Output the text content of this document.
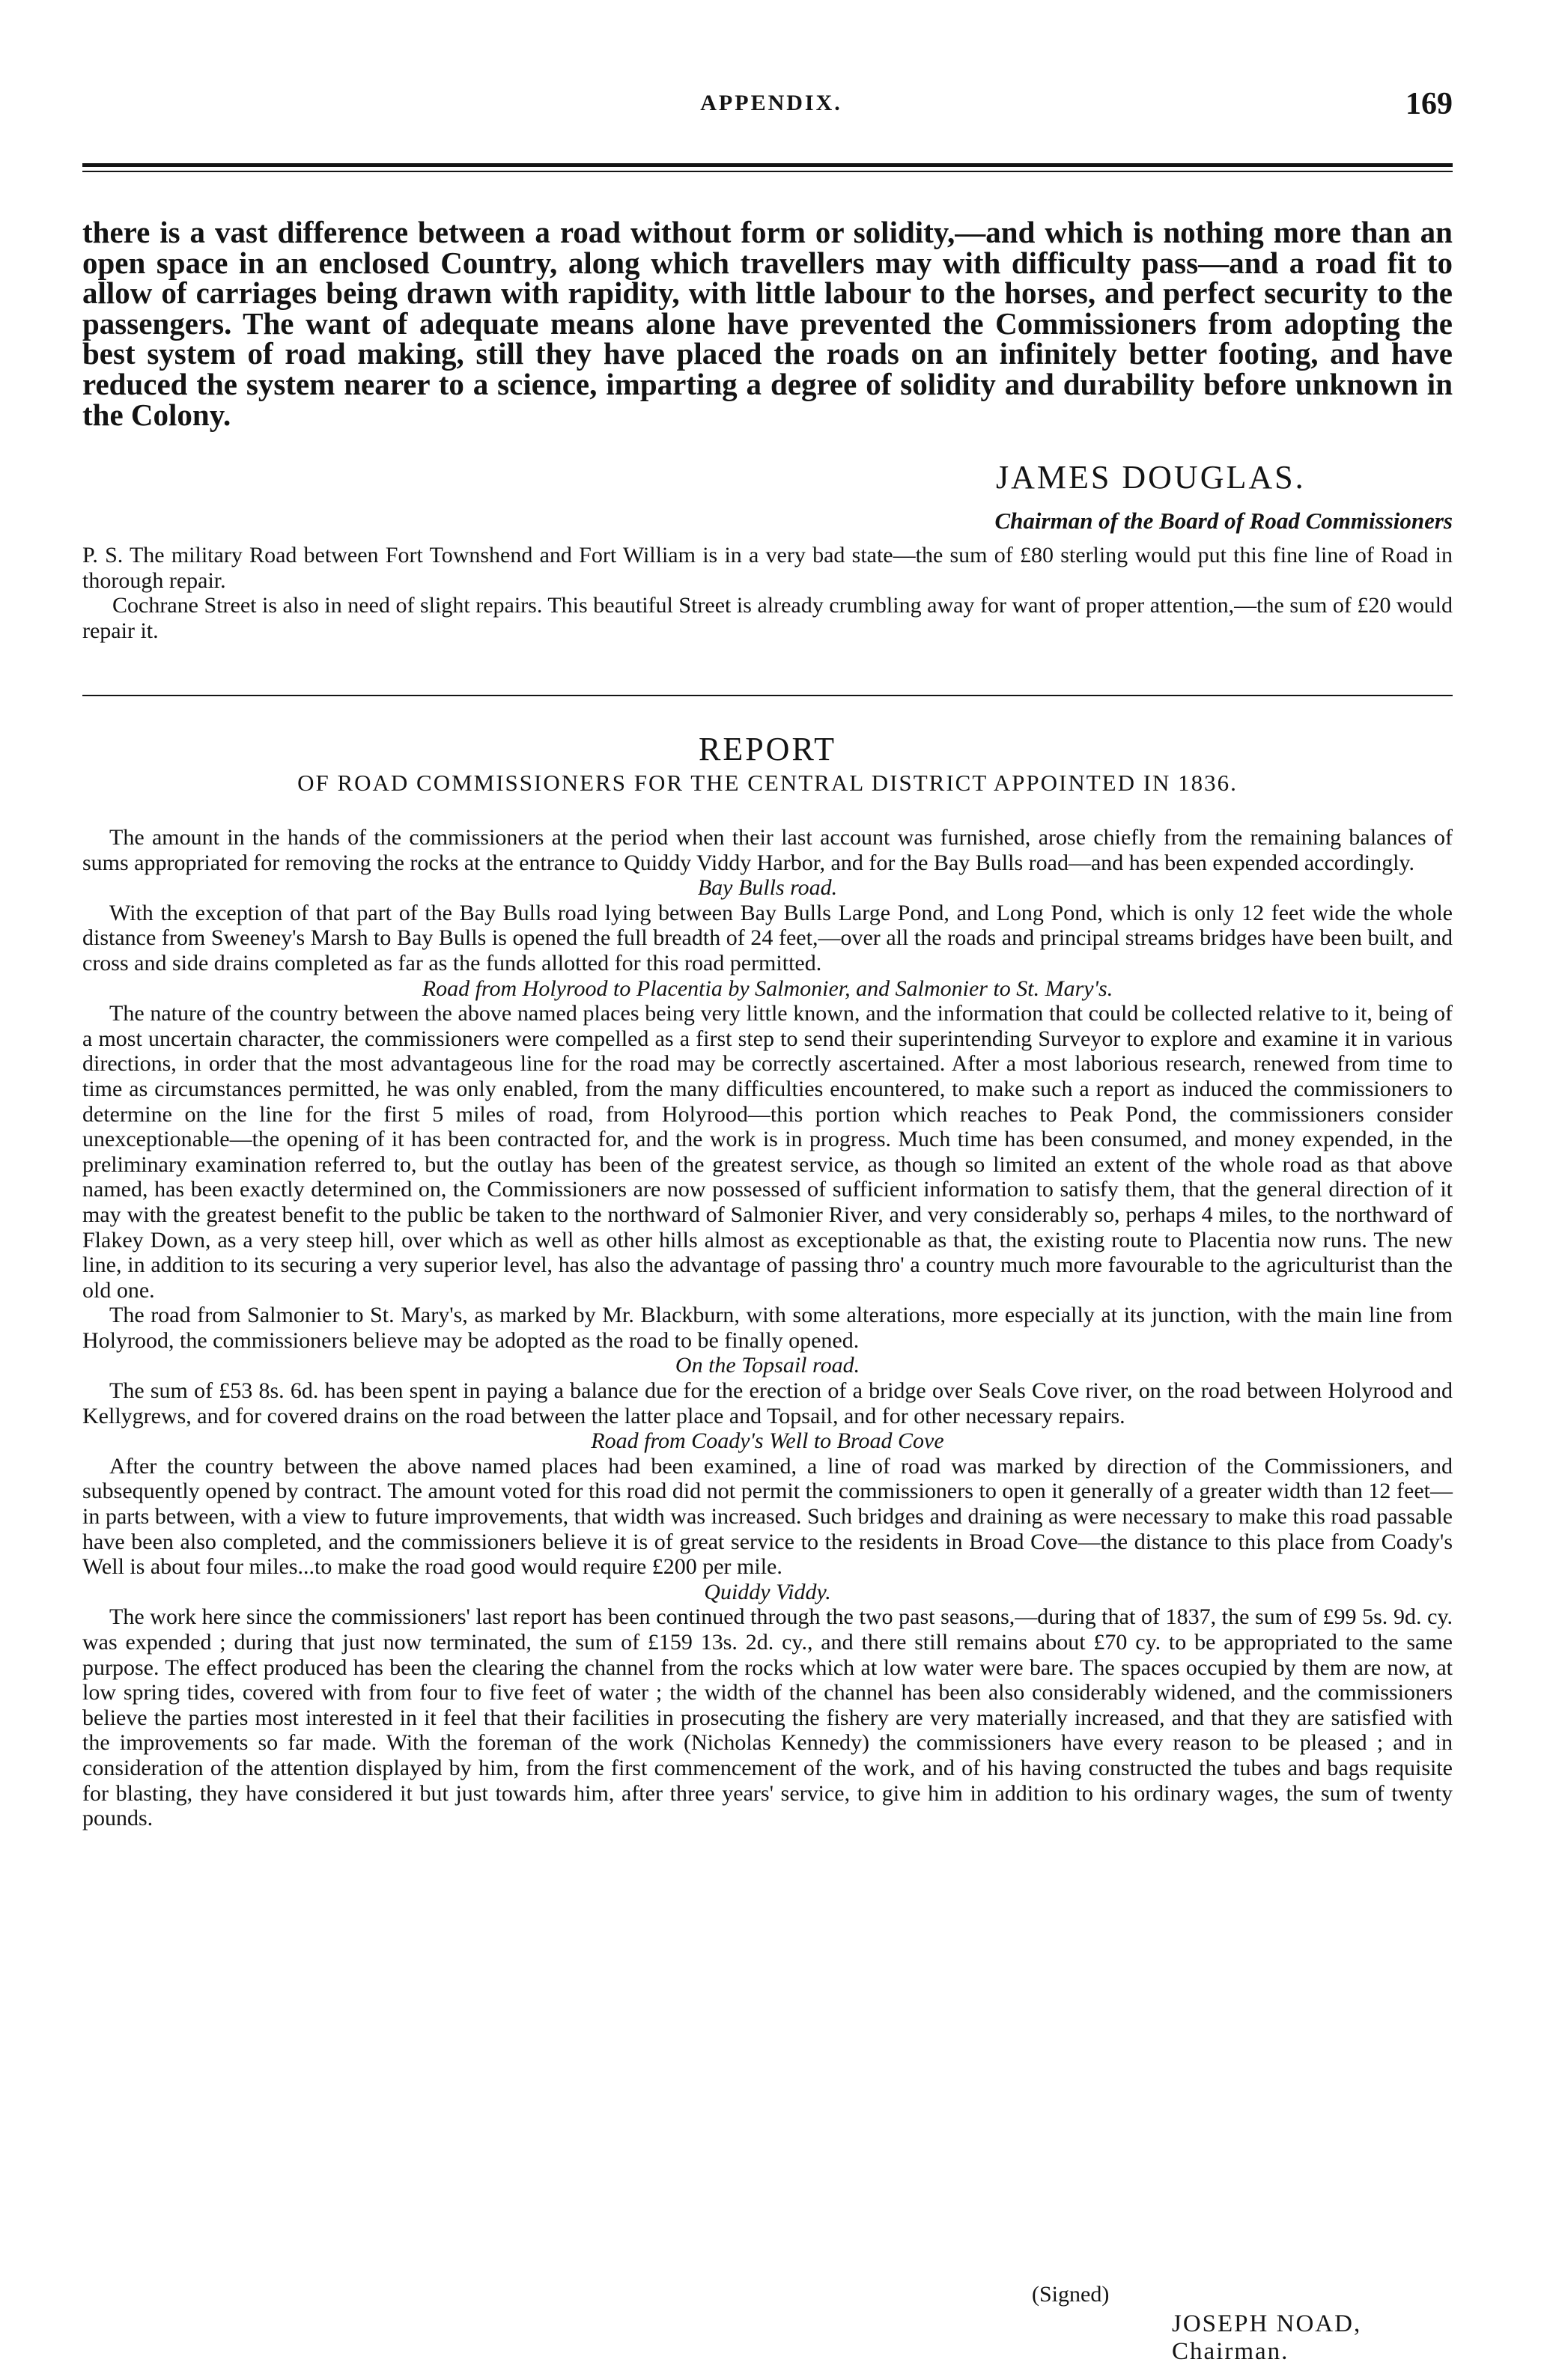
APPENDIX.	169

there is a vast difference between a road without form or solidity,—and which is nothing more than an open space in an enclosed Country, along which travellers may with difficulty pass—and a road fit to allow of carriages being drawn with rapidity, with little labour to the horses, and perfect security to the passengers. The want of adequate means alone have prevented the Commissioners from adopting the best system of road making, still they have placed the roads on an infinitely better footing, and have reduced the system nearer to a science, imparting a degree of solidity and durability before unknown in the Colony.

JAMES DOUGLAS.
Chairman of the Board of Road Commissioners

P. S. The military Road between Fort Townshend and Fort William is in a very bad state—the sum of £80 sterling would put this fine line of Road in thorough repair.

Cochrane Street is also in need of slight repairs. This beautiful Street is already crumbling away for want of proper attention,—the sum of £20 would repair it.

REPORT
OF ROAD COMMISSIONERS FOR THE CENTRAL DISTRICT APPOINTED IN 1836.

The amount in the hands of the commissioners at the period when their last account was furnished, arose chiefly from the remaining balances of sums appropriated for removing the rocks at the entrance to Quiddy Viddy Harbor, and for the Bay Bulls road—and has been expended accordingly.

Bay Bulls road.

With the exception of that part of the Bay Bulls road lying between Bay Bulls Large Pond, and Long Pond, which is only 12 feet wide the whole distance from Sweeney's Marsh to Bay Bulls is opened the full breadth of 24 feet,—over all the roads and principal streams bridges have been built, and cross and side drains completed as far as the funds allotted for this road permitted.

Road from Holyrood to Placentia by Salmonier, and Salmonier to St. Mary's.

The nature of the country between the above named places being very little known, and the information that could be collected relative to it, being of a most uncertain character, the commissioners were compelled as a first step to send their superintending Surveyor to explore and examine it in various directions, in order that the most advantageous line for the road may be correctly ascertained. After a most laborious research, renewed from time to time as circumstances permitted, he was only enabled, from the many difficulties encountered, to make such a report as induced the commissioners to determine on the line for the first 5 miles of road, from Holyrood—this portion which reaches to Peak Pond, the commissioners consider unexceptionable—the opening of it has been contracted for, and the work is in progress. Much time has been consumed, and money expended, in the preliminary examination referred to, but the outlay has been of the greatest service, as though so limited an extent of the whole road as that above named, has been exactly determined on, the Commissioners are now possessed of sufficient information to satisfy them, that the general direction of it may with the greatest benefit to the public be taken to the northward of Salmonier River, and very considerably so, perhaps 4 miles, to the northward of Flakey Down, as a very steep hill, over which as well as other hills almost as exceptionable as that, the existing route to Placentia now runs. The new line, in addition to its securing a very superior level, has also the advantage of passing thro' a country much more favourable to the agriculturist than the old one.

The road from Salmonier to St. Mary's, as marked by Mr. Blackburn, with some alterations, more especially at its junction, with the main line from Holyrood, the commissioners believe may be adopted as the road to be finally opened.

On the Topsail road.

The sum of £53 8s. 6d. has been spent in paying a balance due for the erection of a bridge over Seals Cove river, on the road between Holyrood and Kellygrews, and for covered drains on the road between the latter place and Topsail, and for other necessary repairs.

Road from Coady's Well to Broad Cove

After the country between the above named places had been examined, a line of road was marked by direction of the Commissioners, and subsequently opened by contract. The amount voted for this road did not permit the commissioners to open it generally of a greater width than 12 feet—in parts between, with a view to future improvements, that width was increased. Such bridges and draining as were necessary to make this road passable have been also completed, and the commissioners believe it is of great service to the residents in Broad Cove—the distance to this place from Coady's Well is about four miles...to make the road good would require £200 per mile.

Quiddy Viddy.

The work here since the commissioners' last report has been continued through the two past seasons,—during that of 1837, the sum of £99 5s. 9d. cy. was expended ; during that just now terminated, the sum of £159 13s. 2d. cy., and there still remains about £70 cy. to be appropriated to the same purpose. The effect produced has been the clearing the channel from the rocks which at low water were bare. The spaces occupied by them are now, at low spring tides, covered with from four to five feet of water ; the width of the channel has been also considerably widened, and the commissioners believe the parties most interested in it feel that their facilities in prosecuting the fishery are very materially increased, and that they are satisfied with the improvements so far made. With the foreman of the work (Nicholas Kennedy) the commissioners have every reason to be pleased ; and in consideration of the attention displayed by him, from the first commencement of the work, and of his having constructed the tubes and bags requisite for blasting, they have considered it but just towards him, after three years' service, to give him in addition to his ordinary wages, the sum of twenty pounds.

(Signed)
JOSEPH NOAD, Chairman.
